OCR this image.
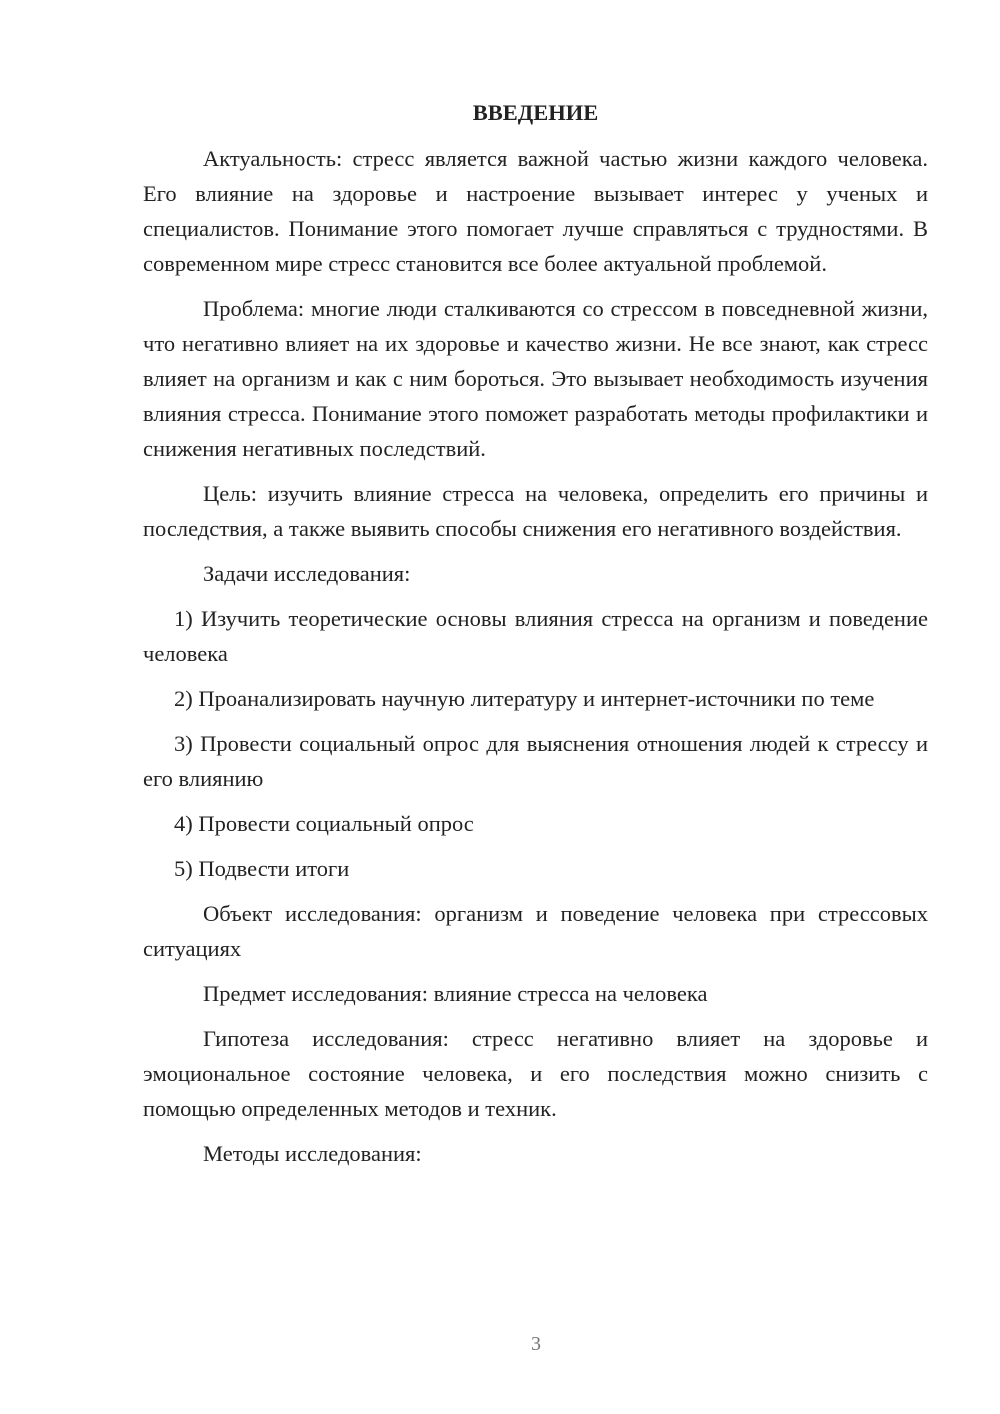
ВВЕДЕНИЕ

Актуальность: стресс является важной частью жизни каждого человека. Его влияние на здоровье и настроение вызывает интерес у ученых и специалистов. Понимание этого помогает лучше справляться с трудностями. В современном мире стресс становится все более актуальной проблемой.

Проблема: многие люди сталкиваются со стрессом в повседневной жизни, что негативно влияет на их здоровье и качество жизни. Не все знают, как стресс влияет на организм и как с ним бороться. Это вызывает необходимость изучения влияния стресса. Понимание этого поможет разработать методы профилактики и снижения негативных последствий.

Цель: изучить влияние стресса на человека, определить его причины и последствия, а также выявить способы снижения его негативного воздействия.

Задачи исследования:

1) Изучить теоретические основы влияния стресса на организм и поведение человека

2) Проанализировать научную литературу и интернет-источники по теме

3) Провести социальный опрос для выяснения отношения людей к стрессу и его влиянию

4) Провести социальный опрос

5) Подвести итоги

Объект исследования: организм и поведение человека при стрессовых ситуациях

Предмет исследования: влияние стресса на человека

Гипотеза исследования: стресс негативно влияет на здоровье и эмоциональное состояние человека, и его последствия можно снизить с помощью определенных методов и техник.

Методы исследования:

3
